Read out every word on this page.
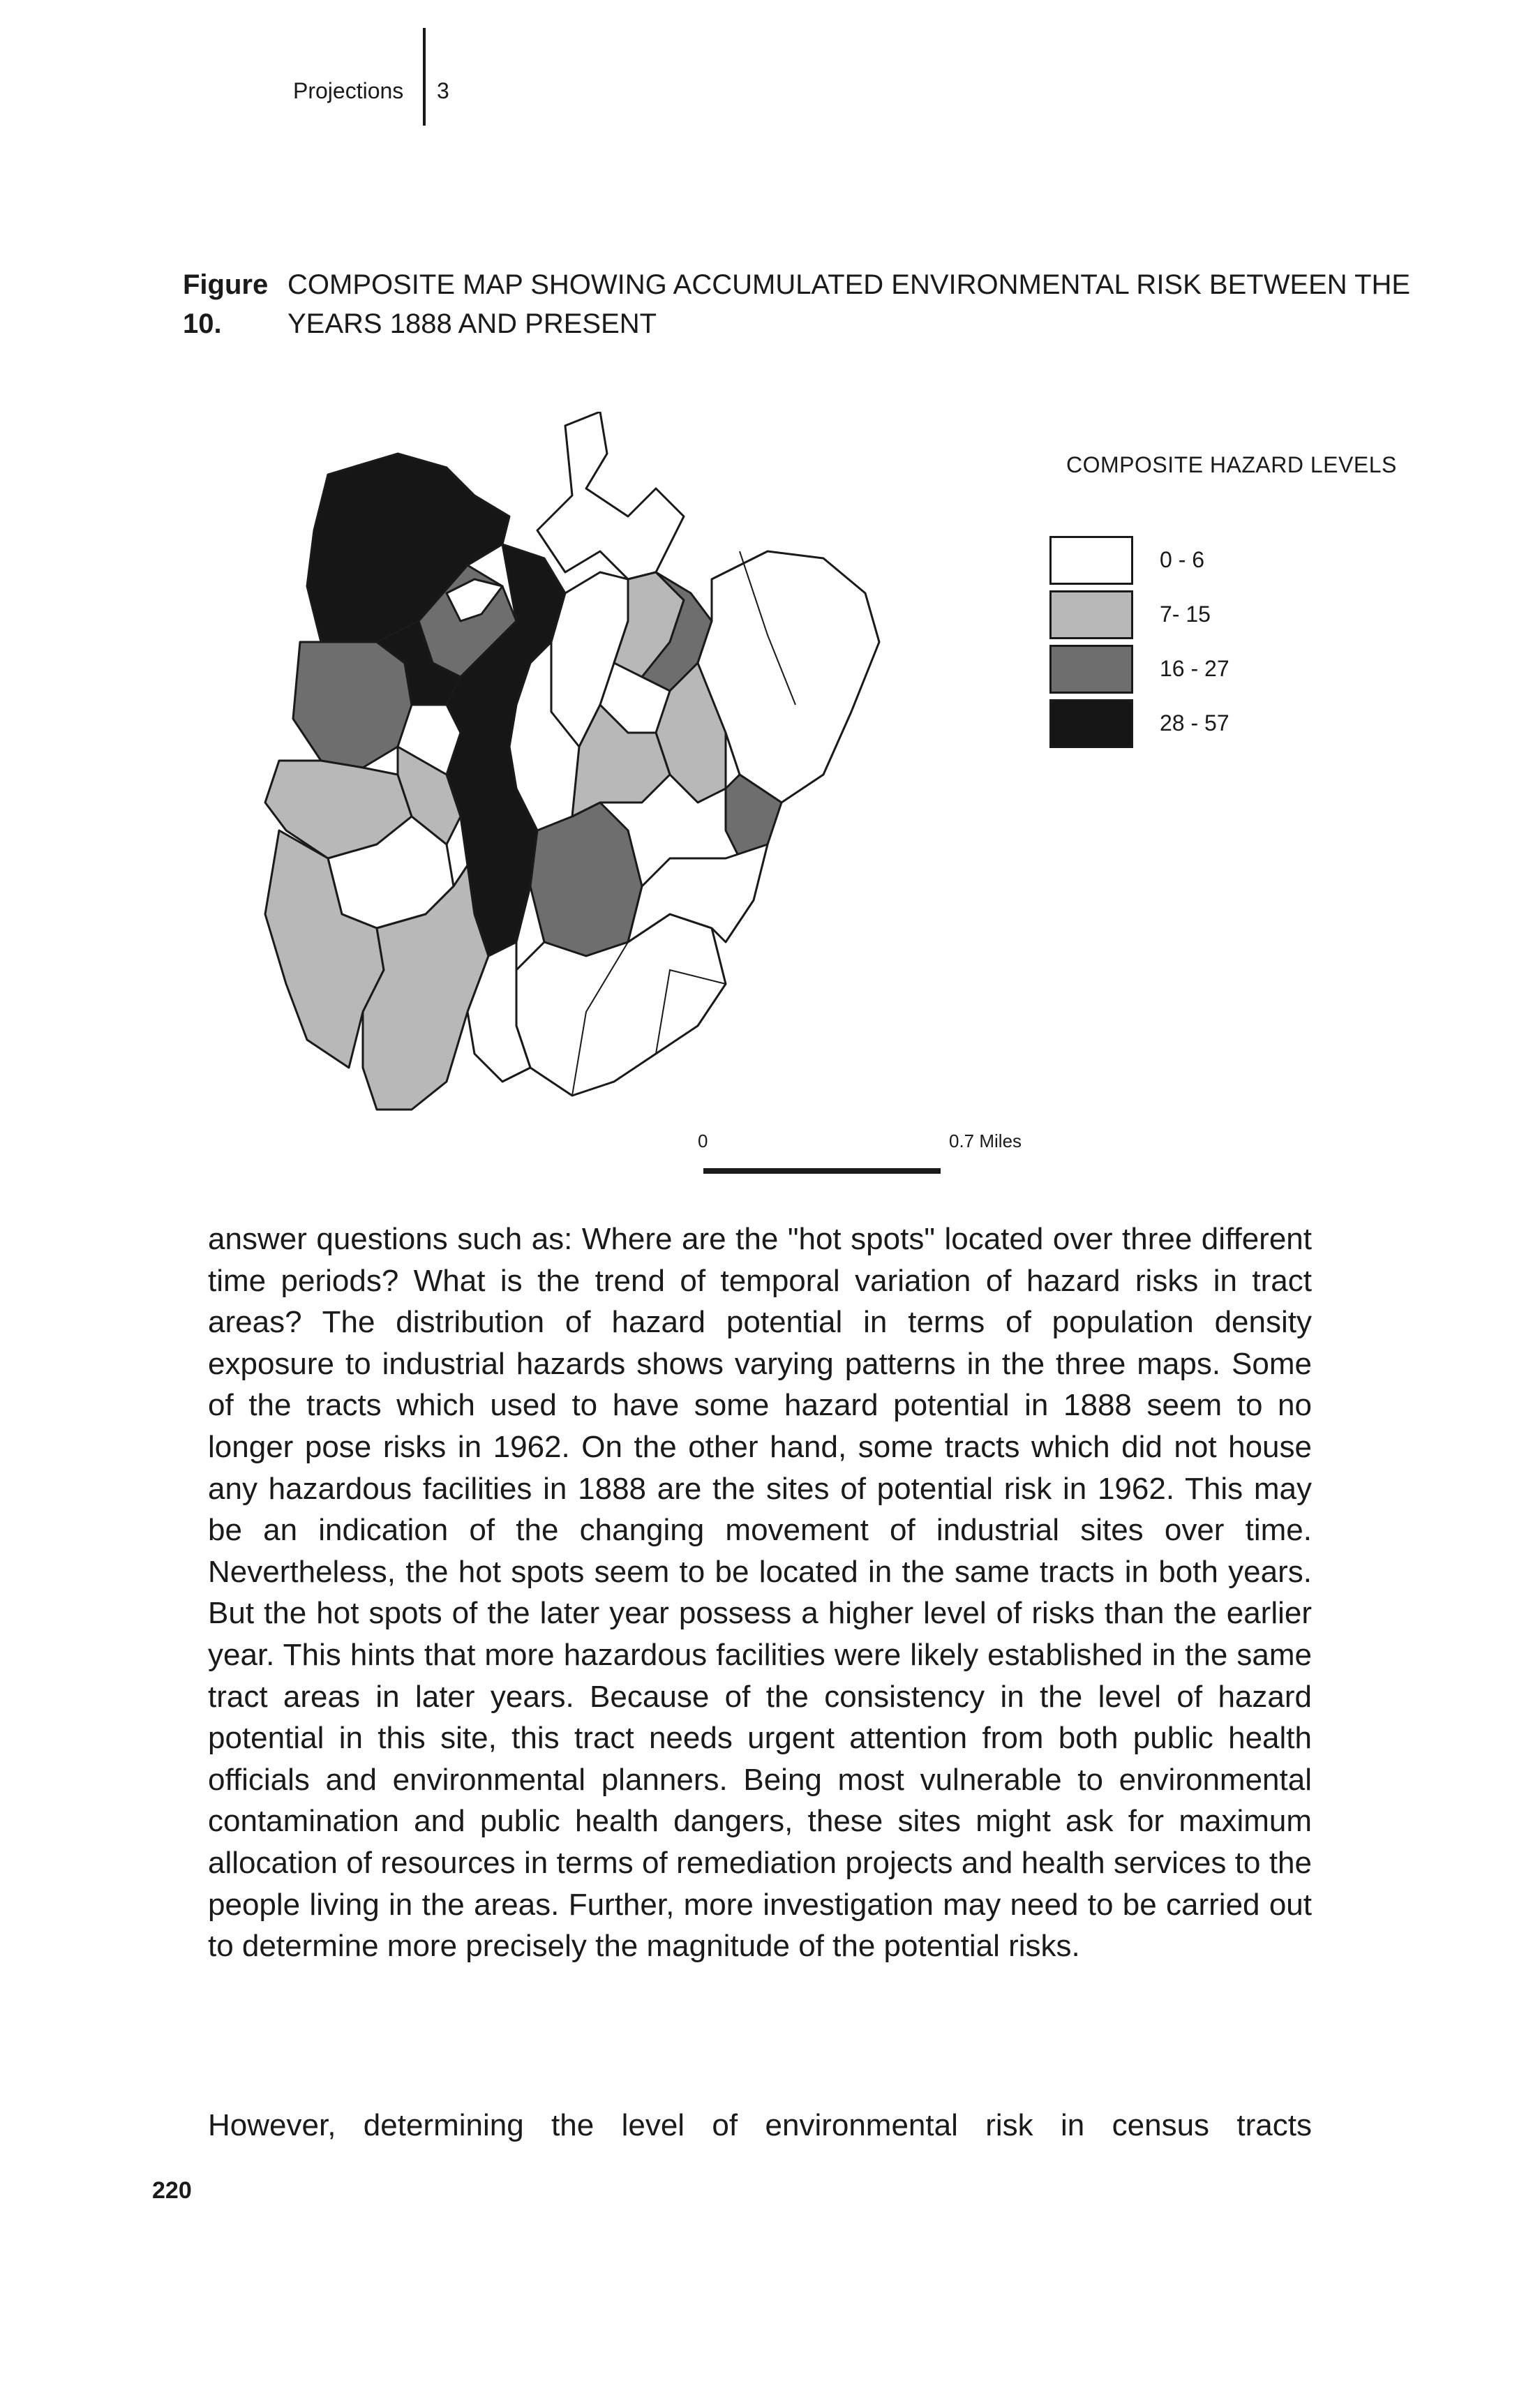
Projections 3
Figure 10.
COMPOSITE MAP SHOWING ACCUMULATED ENVIRONMENTAL RISK BETWEEN THE
YEARS 1888 AND PRESENT
COMPOSITE HAZARD LEVELS
0 - 6
7- 15
16 - 27
28 - 57
0	0.7 Miles

answer questions such as: Where are the "hot spots" located over three different time periods? What is the trend of temporal variation of hazard risks in tract areas? The distribution of hazard potential in terms of population density exposure to industrial hazards shows varying patterns in the three maps. Some of the tracts which used to have some hazard potential in 1888 seem to no longer pose risks in 1962. On the other hand, some tracts which did not house any hazardous facilities in 1888 are the sites of potential risk in 1962. This may be an indication of the changing movement of industrial sites over time. Nevertheless, the hot spots seem to be located in the same tracts in both years. But the hot spots of the later year possess a higher level of risks than the earlier year. This hints that more hazardous facilities were likely established in the same tract areas in later years. Because of the consistency in the level of hazard potential in this site, this tract needs urgent attention from both public health officials and environmental planners. Being most vulnerable to environmental contamination and public health dangers, these sites might ask for maximum allocation of resources in terms of remediation projects and health services to the people living in the areas. Further, more investigation may need to be carried out to determine more precisely the magnitude of the potential risks.

However, determining the level of environmental risk in census tracts
220
